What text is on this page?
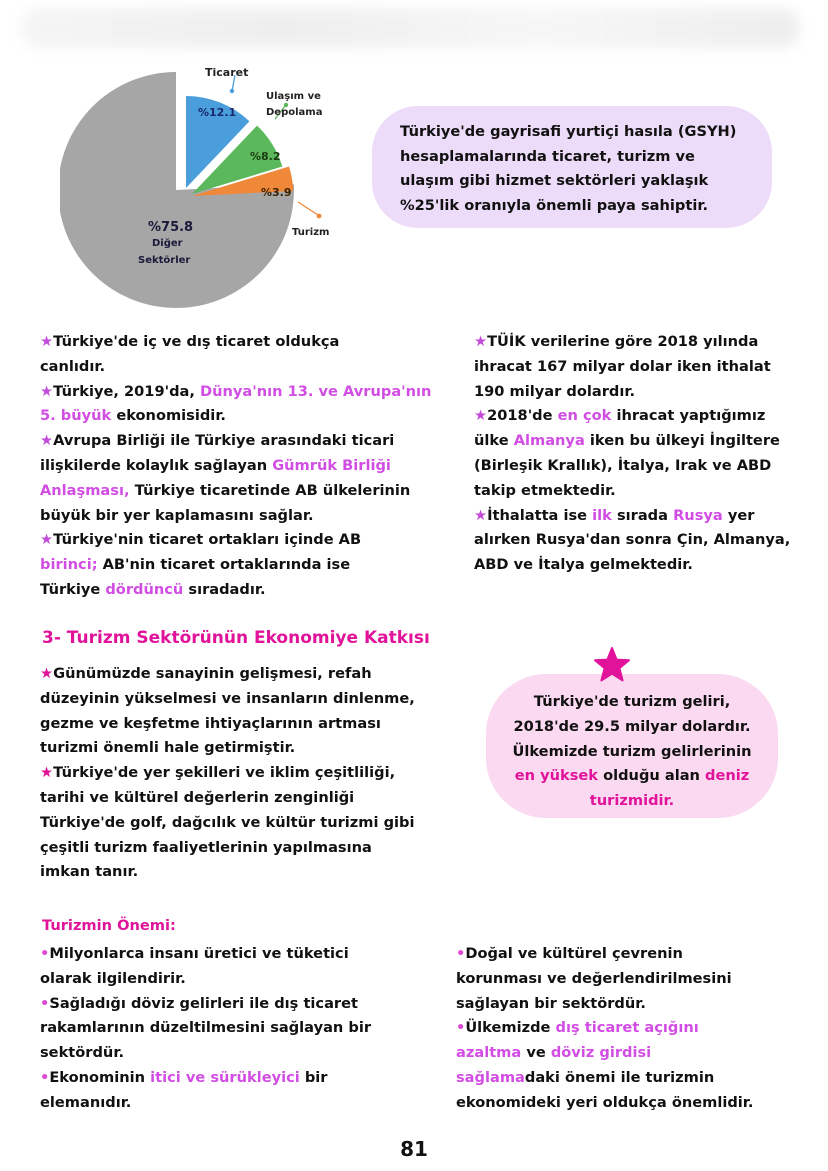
Ticaret
Ulaşım ve
Depolama
Turizm
%12.1
%8.2
%3.9
%75.8
Diğer
Sektörler

Türkiye'de gayrisafi yurtiçi hasıla (GSYH)

hesaplamalarında ticaret, turizm ve

ulaşım gibi hizmet sektörleri yaklaşık

%25'lik oranıyla önemli paya sahiptir.

★Türkiye'de iç ve dış ticaret oldukça

canlıdır.

★Türkiye, 2019'da, Dünya'nın 13. ve Avrupa'nın

5. büyük ekonomisidir.

★Avrupa Birliği ile Türkiye arasındaki ticari

ilişkilerde kolaylık sağlayan Gümrük Birliği

Anlaşması, Türkiye ticaretinde AB ülkelerinin

büyük bir yer kaplamasını sağlar.

★Türkiye'nin ticaret ortakları içinde AB

birinci; AB'nin ticaret ortaklarında ise

Türkiye dördüncü sıradadır.

★TÜİK verilerine göre 2018 yılında

ihracat 167 milyar dolar iken ithalat

190 milyar dolardır.

★2018'de en çok ihracat yaptığımız

ülke Almanya iken bu ülkeyi İngiltere

(Birleşik Krallık), İtalya, Irak ve ABD

takip etmektedir.

★İthalatta ise ilk sırada Rusya yer

alırken Rusya'dan sonra Çin, Almanya,

ABD ve İtalya gelmektedir.

3- Turizm Sektörünün Ekonomiye Katkısı

★Günümüzde sanayinin gelişmesi, refah

düzeyinin yükselmesi ve insanların dinlenme,

gezme ve keşfetme ihtiyaçlarının artması

turizmi önemli hale getirmiştir.

★Türkiye'de yer şekilleri ve iklim çeşitliliği,

tarihi ve kültürel değerlerin zenginliği

Türkiye'de golf, dağcılık ve kültür turizmi gibi

çeşitli turizm faaliyetlerinin yapılmasına

imkan tanır.

Türkiye'de turizm geliri,

2018'de 29.5 milyar dolardır.

Ülkemizde turizm gelirlerinin

en yüksek olduğu alan deniz

turizmidir.

Turizmin Önemi:

•Milyonlarca insanı üretici ve tüketici

olarak ilgilendirir.

•Sağladığı döviz gelirleri ile dış ticaret

rakamlarının düzeltilmesini sağlayan bir

sektördür.

•Ekonominin itici ve sürükleyici bir

elemanıdır.

•Doğal ve kültürel çevrenin

korunması ve değerlendirilmesini

sağlayan bir sektördür.

•Ülkemizde dış ticaret açığını

azaltma ve döviz girdisi

sağlamadaki önemi ile turizmin

ekonomideki yeri oldukça önemlidir.

81
